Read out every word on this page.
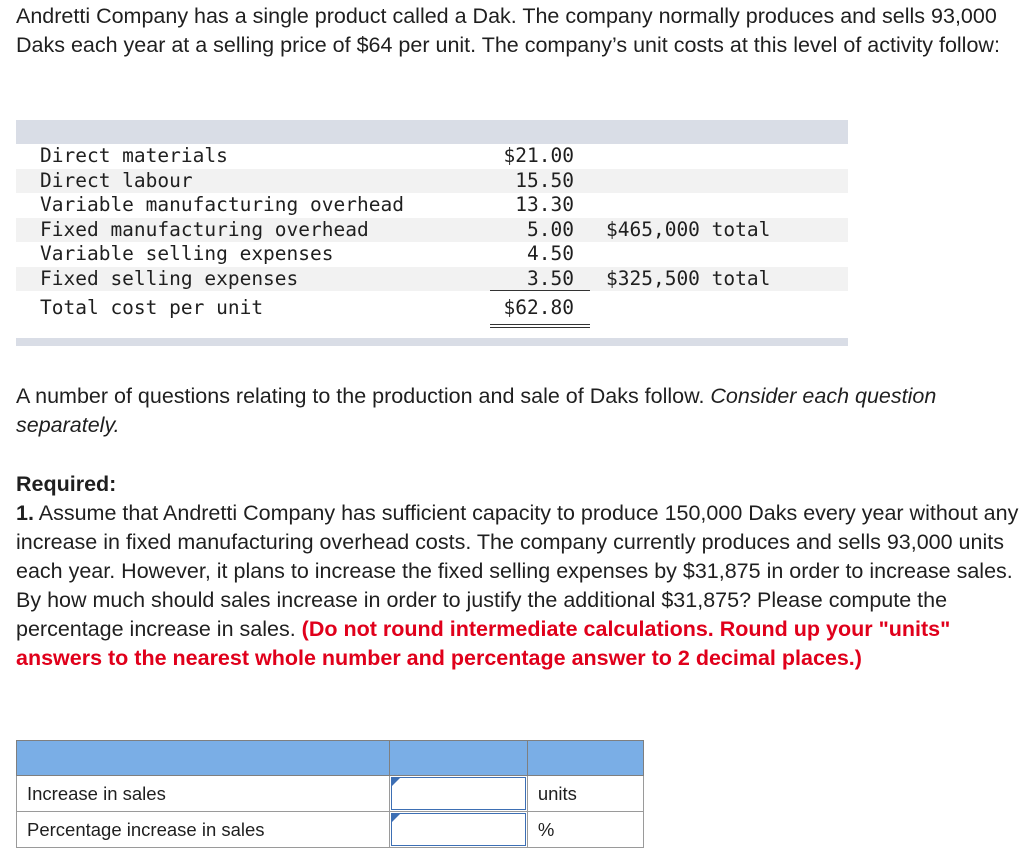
Andretti Company has a single product called a Dak. The company normally produces and sells 93,000 Daks each year at a selling price of $64 per unit. The company’s unit costs at this level of activity follow:

Direct materials	$21.00
Direct labour	15.50
Variable manufacturing overhead	13.30
Fixed manufacturing overhead	5.00 $465,000 total
Variable selling expenses	4.50
Fixed selling expenses	3.50 $325,500 total
Total cost per unit	$62.80

A number of questions relating to the production and sale of Daks follow. Consider each question separately.

Required:
1. Assume that Andretti Company has sufficient capacity to produce 150,000 Daks every year without any increase in fixed manufacturing overhead costs. The company currently produces and sells 93,000 units each year. However, it plans to increase the fixed selling expenses by $31,875 in order to increase sales. By how much should sales increase in order to justify the additional $31,875? Please compute the percentage increase in sales. (Do not round intermediate calculations. Round up your "units" answers to the nearest whole number and percentage answer to 2 decimal places.)

Increase in sales		units
Percentage increase in sales		%
